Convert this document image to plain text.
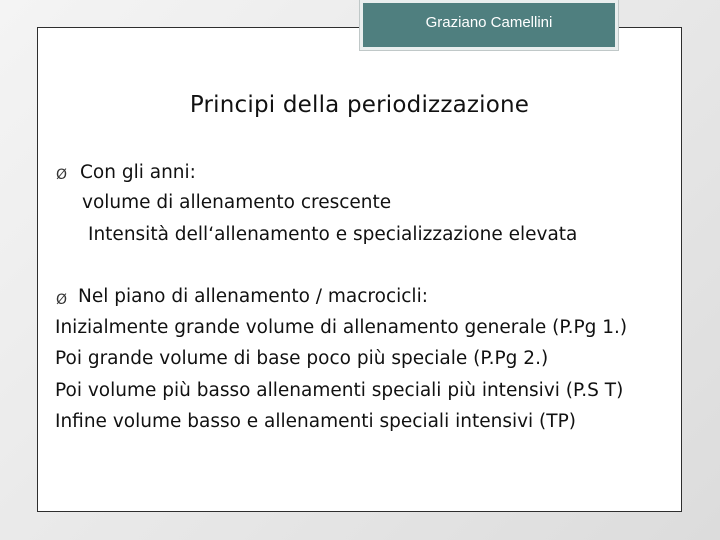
Graziano Camellini
Principi della periodizzazione
Ø Con gli anni:
volume di allenamento crescente
Intensità dell‘allenamento e specializzazione elevata
Ø Nel piano di allenamento / macrocicli:
Inizialmente grande volume di allenamento generale (P.Pg 1.)
Poi grande volume di base poco più speciale (P.Pg 2.)
Poi volume più basso allenamenti speciali più intensivi (P.S T)
Infine volume basso e allenamenti speciali intensivi (TP)
